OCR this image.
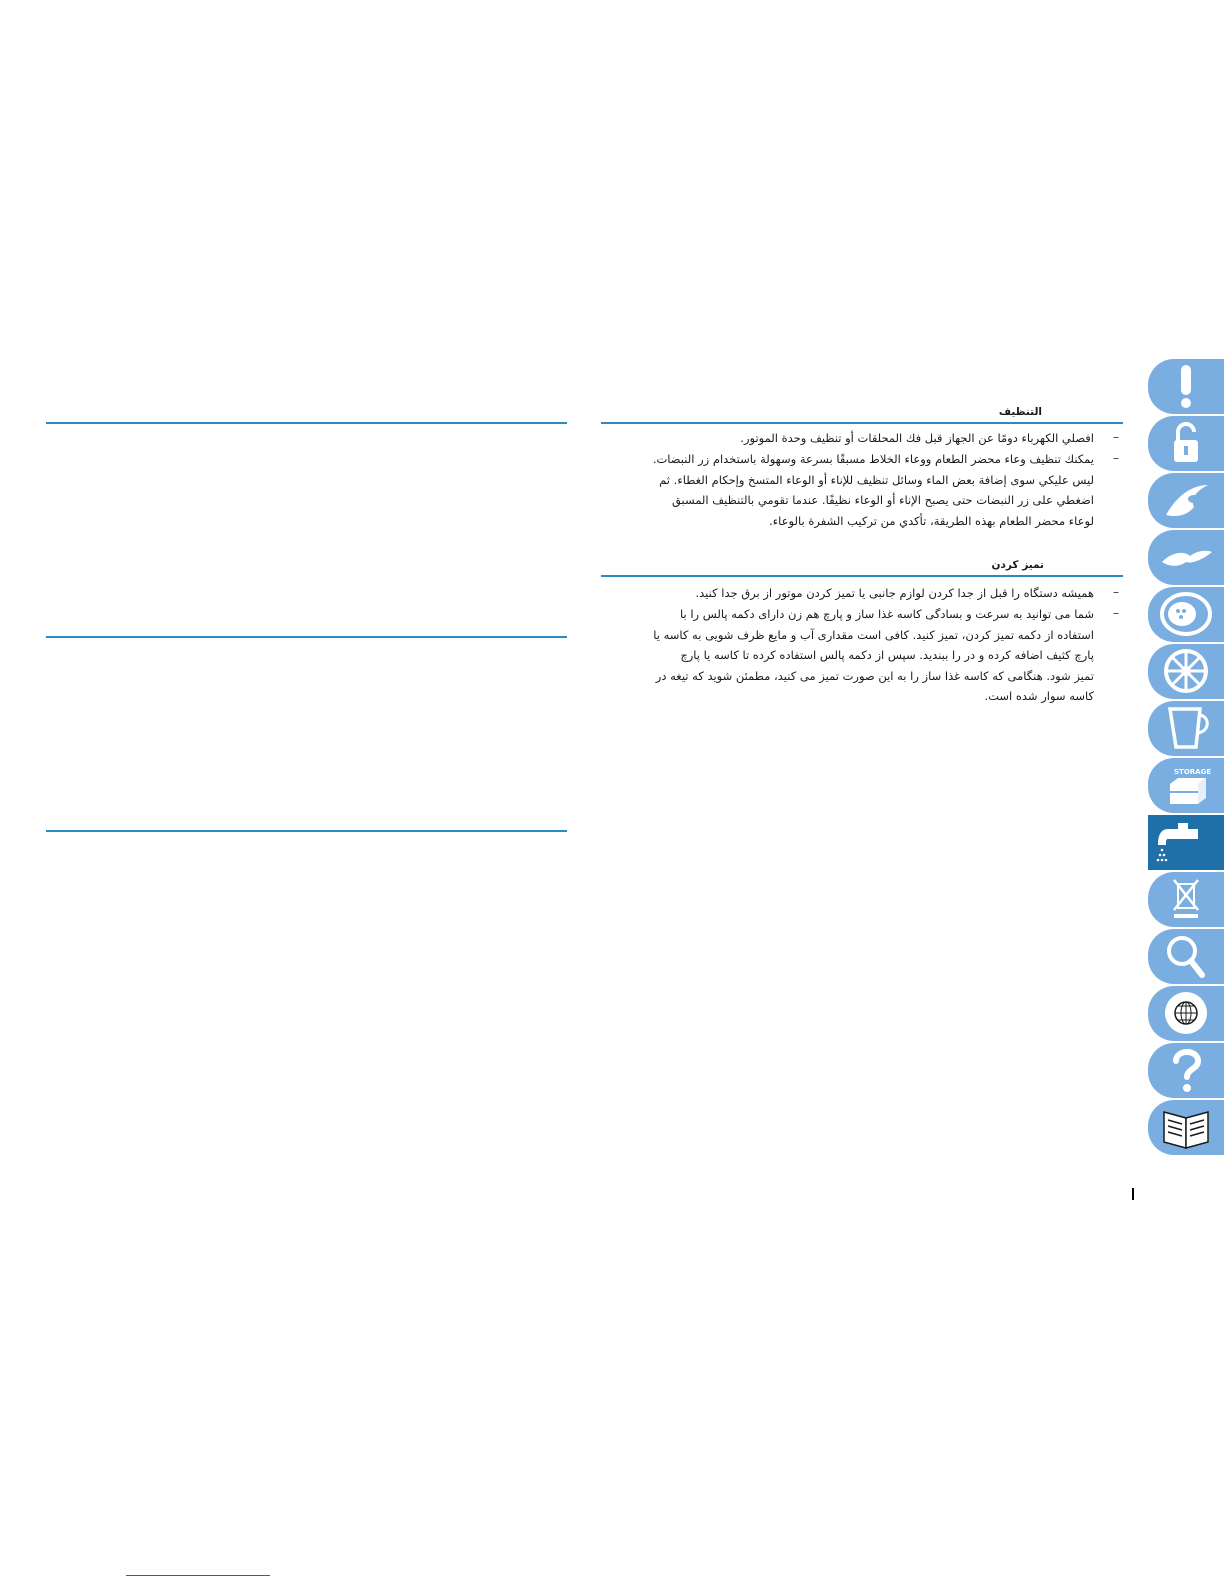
التنظيف
–
افصلي الكهرباء دومًا عن الجهاز قبل فك المحلقات أو تنظيف وحدة الموتور.
–
يمكنك تنظيف وعاء محضر الطعام ووعاء الخلاط مسبقًا بسرعة وسهولة باستخدام زر النبضات.
ليس عليكي سوى إضافة بعض الماء وسائل تنظيف للإناء أو الوعاء المتسخ وإحكام الغطاء. ثم
اضغطي على زر النبضات حتى يصبح الإناء أو الوعاء نظيفًا. عندما تقومي بالتنظيف المسبق
لوعاء محضر الطعام بهذه الطريقة، تأكدي من تركيب الشفرة بالوعاء.
تمیز کردن
–
همیشه دستگاه را قبل از جدا کردن لوازم جانبی یا تمیز کردن موتور از برق جدا کنید.
–
شما می توانید به سرعت و بسادگی کاسه غذا ساز و پارچ هم زن دارای دکمه پالس را با
استفاده از دکمه تمیز کردن، تمیز کنید. کافی است مقداری آب و مایع ظرف شویی به کاسه یا
پارچ کثیف اضافه کرده و در را ببندید. سپس از دکمه پالس استفاده کرده تا کاسه یا پارچ
تمیز شود. هنگامی که کاسه غذا ساز را به این صورت تمیز می کنید، مطمئن شوید که تیغه در
کاسه سوار شده است.
STORAGE
